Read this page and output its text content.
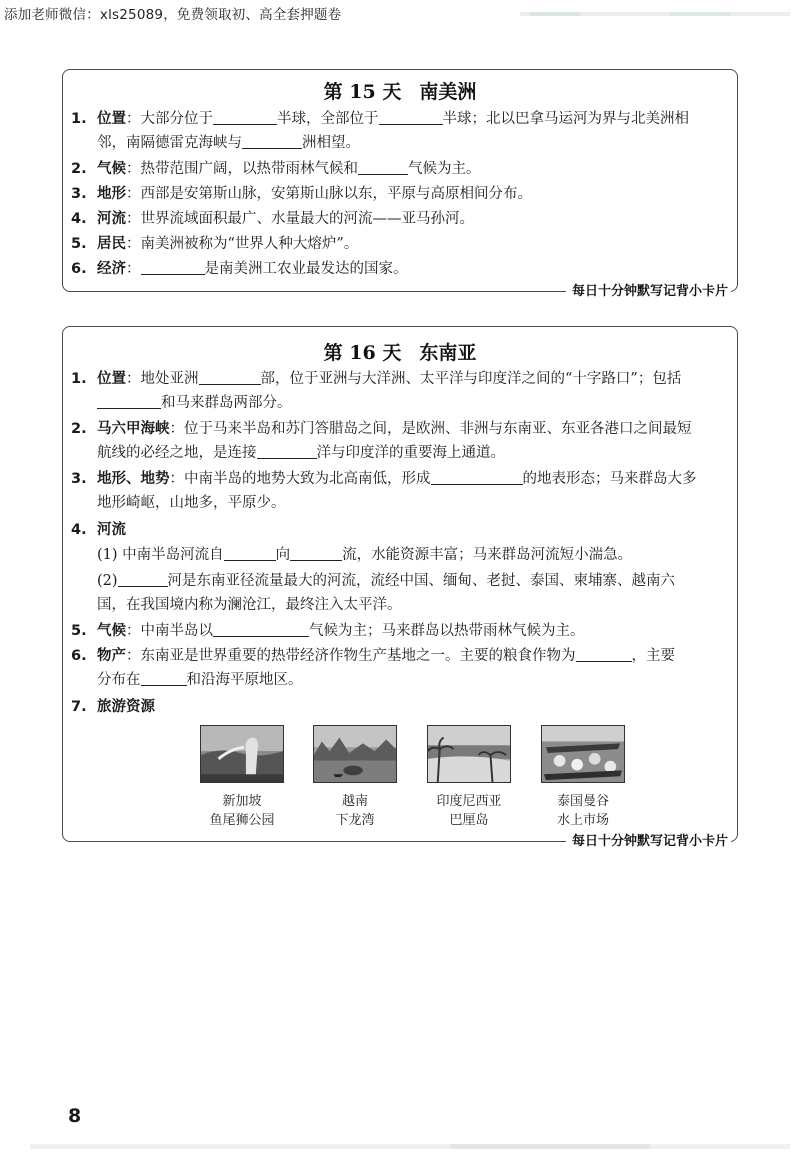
添加老师微信：xls25089，免费领取初、高全套押题卷
第 15 天 南美洲
1. 位置：大部分位于	半球，全部位于	半球；北以巴拿马运河为界与北美洲相
邻，南隔德雷克海峡与	洲相望。
2. 气候：热带范围广阔，以热带雨林气候和	气候为主。
3. 地形：西部是安第斯山脉，安第斯山脉以东，平原与高原相间分布。
4. 河流：世界流域面积最广、水量最大的河流——亚马孙河。
5. 居民：南美洲被称为“世界人种大熔炉”。
6. 经济：	是南美洲工农业最发达的国家。
每日十分钟默写记背小卡片
第 16 天 东南亚
1. 位置：地处亚洲	部，位于亚洲与大洋洲、太平洋与印度洋之间的“十字路口”；包括
和马来群岛两部分。
2. 马六甲海峡：位于马来半岛和苏门答腊岛之间，是欧洲、非洲与东南亚、东亚各港口之间最短
航线的必经之地，是连接	洋与印度洋的重要海上通道。
3. 地形、地势：中南半岛的地势大致为北高南低，形成	的地表形态；马来群岛大多
地形崎岖，山地多，平原少。
4. 河流
(1) 中南半岛河流自	向	流，水能资源丰富；马来群岛河流短小湍急。
(2)	河是东南亚径流量最大的河流，流经中国、缅甸、老挝、泰国、柬埔寨、越南六
国，在我国境内称为澜沧江，最终注入太平洋。
5. 气候：中南半岛以	气候为主；马来群岛以热带雨林气候为主。
6. 物产：东南亚是世界重要的热带经济作物生产基地之一。主要的粮食作物为	，主要
分布在	和沿海平原地区。
7. 旅游资源
新加坡
鱼尾狮公园
越南
下龙湾
印度尼西亚
巴厘岛
泰国曼谷
水上市场
每日十分钟默写记背小卡片
8
